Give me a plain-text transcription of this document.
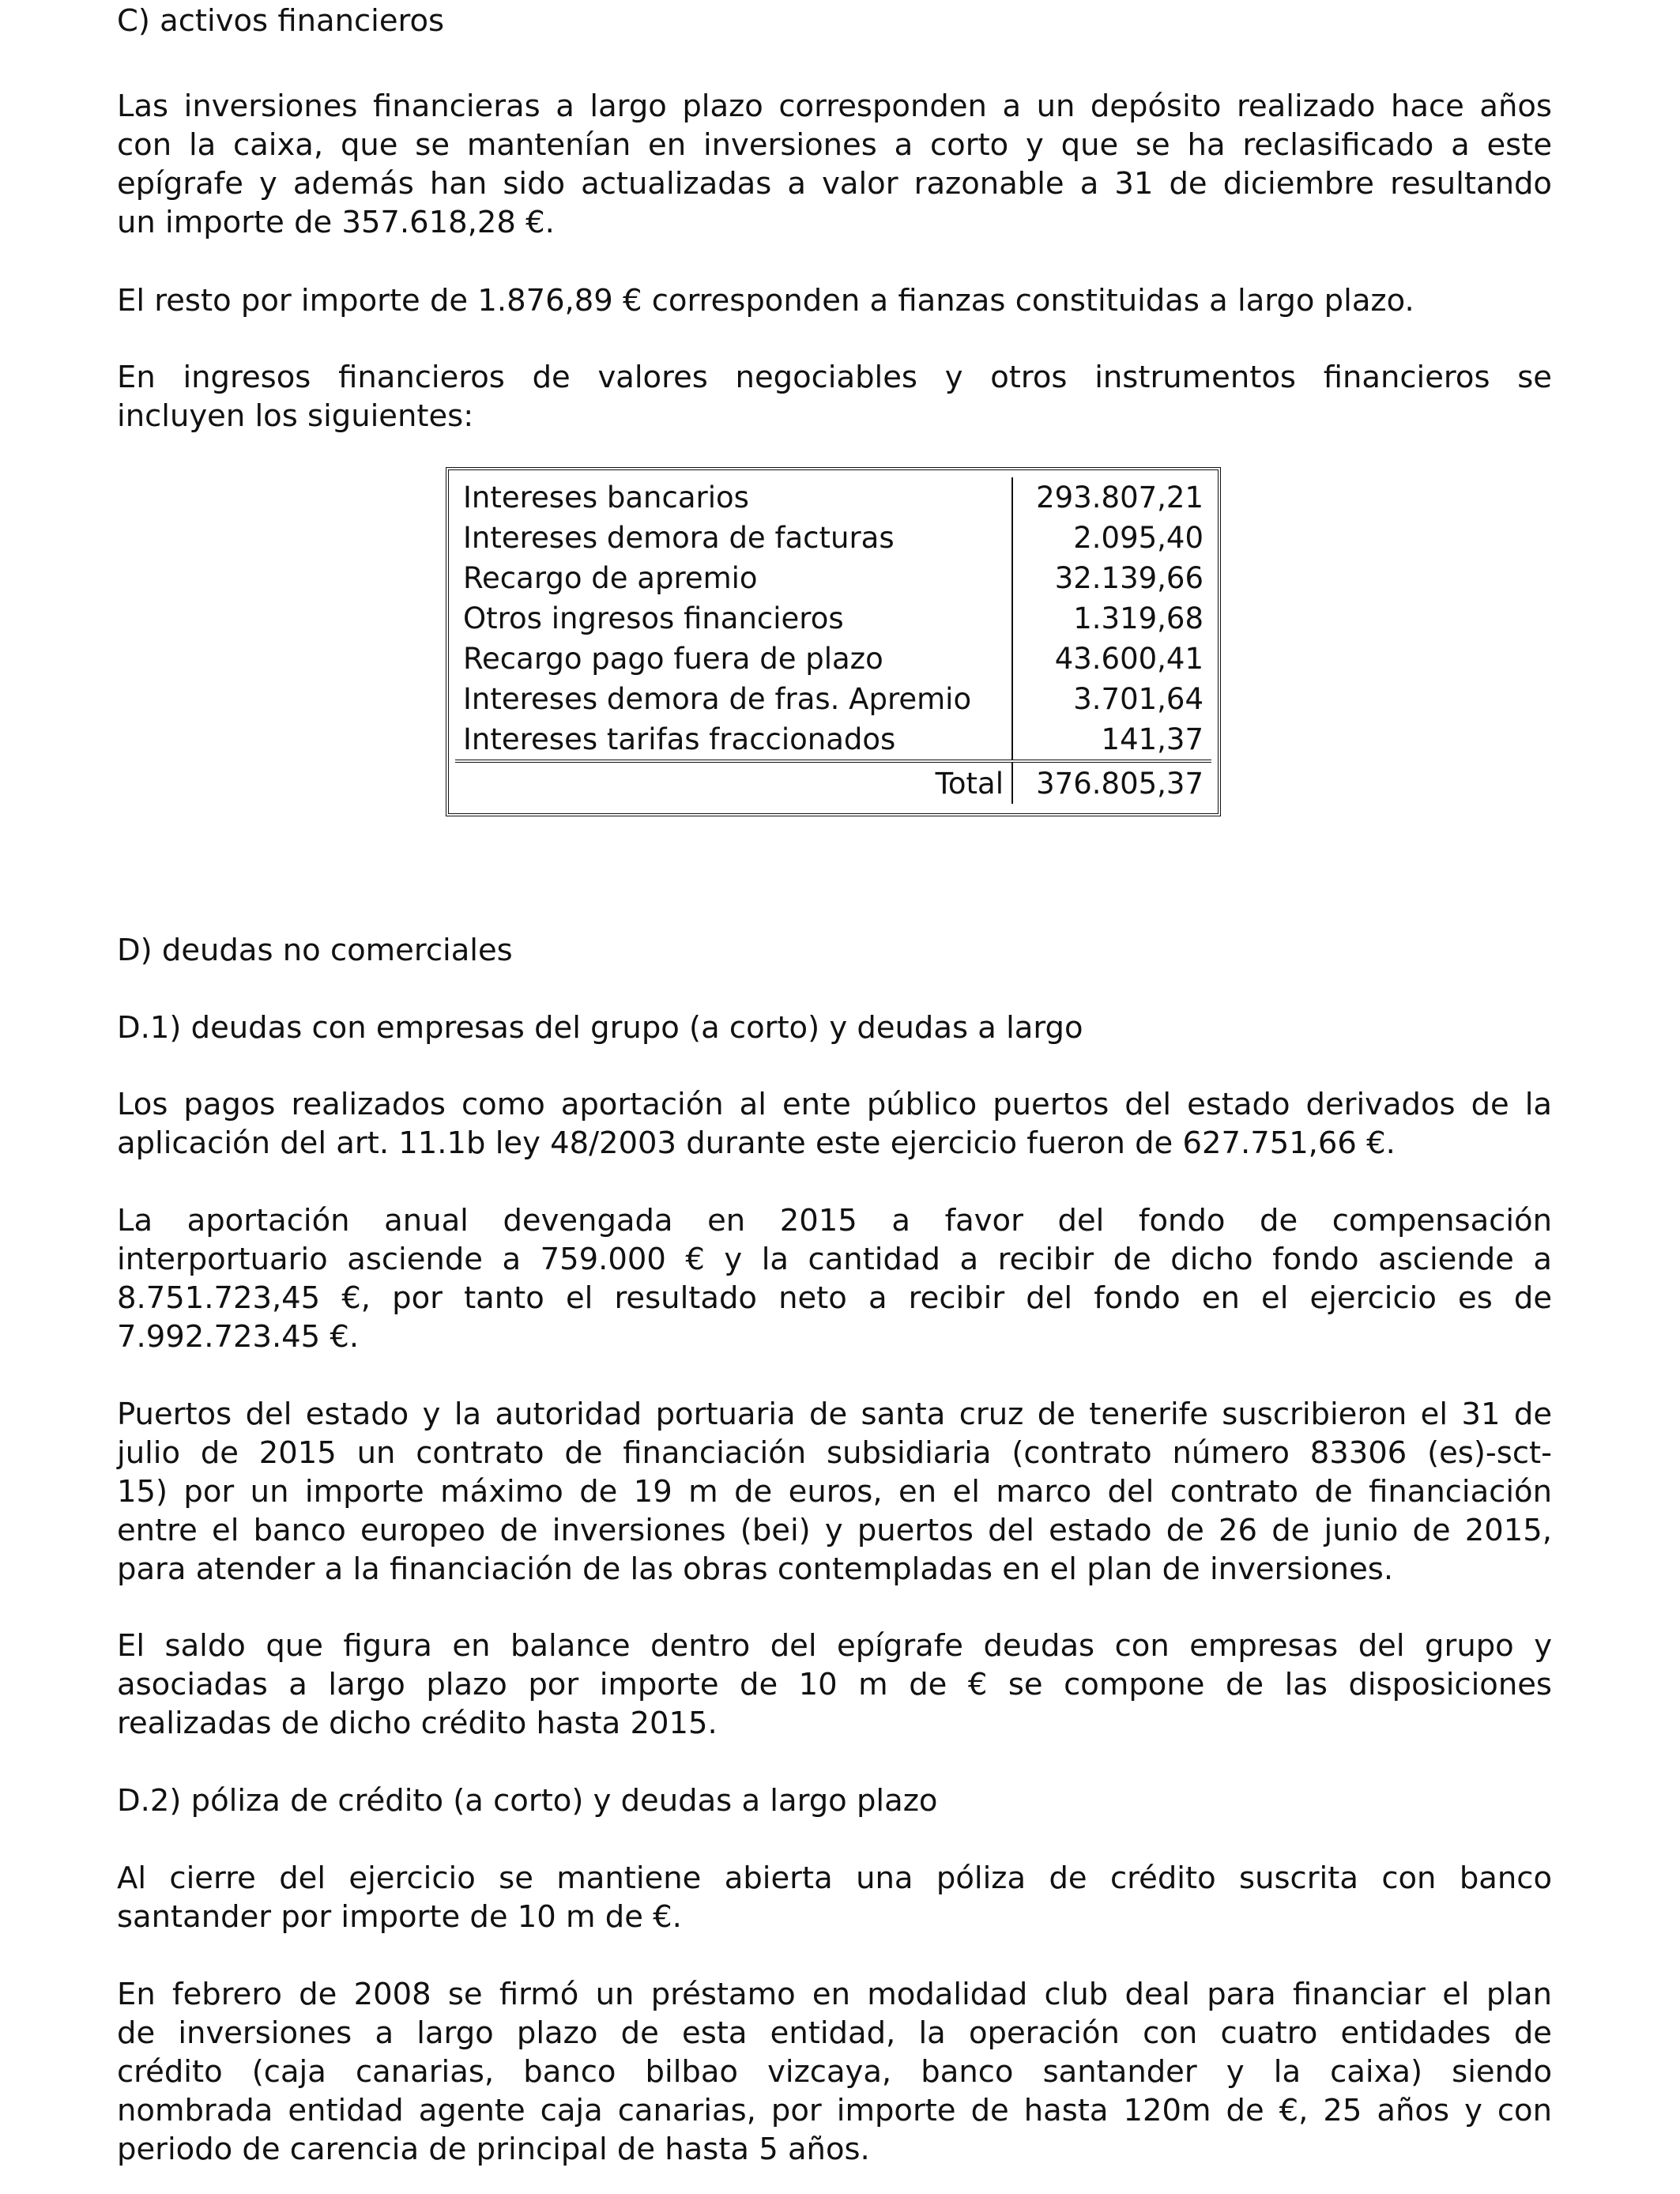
C) activos financieros

Las inversiones financieras a largo plazo corresponden a un depósito realizado hace años

con la caixa, que se mantenían en inversiones a corto y que se ha reclasificado a este

epígrafe y además han sido actualizadas a valor razonable a 31 de diciembre resultando

un importe de 357.618,28 €.

El resto por importe de 1.876,89 € corresponden a fianzas constituidas a largo plazo.

En ingresos financieros de valores negociables y otros instrumentos financieros se

incluyen los siguientes:

Intereses bancarios	293.807,21
Intereses demora de facturas	2.095,40
Recargo de apremio	32.139,66
Otros ingresos financieros	1.319,68
Recargo pago fuera de plazo	43.600,41
Intereses demora de fras. Apremio	3.701,64
Intereses tarifas fraccionados	141,37
Total	376.805,37

D) deudas no comerciales

D.1) deudas con empresas del grupo (a corto) y deudas a largo

Los pagos realizados como aportación al ente público puertos del estado derivados de la

aplicación del art. 11.1b ley 48/2003 durante este ejercicio fueron de 627.751,66 €.

La aportación anual devengada en 2015 a favor del fondo de compensación

interportuario asciende a 759.000 € y la cantidad a recibir de dicho fondo asciende a

8.751.723,45 €, por tanto el resultado neto a recibir del fondo en el ejercicio es de

7.992.723.45 €.

Puertos del estado y la autoridad portuaria de santa cruz de tenerife suscribieron el 31 de

julio de 2015 un contrato de financiación subsidiaria (contrato número 83306 (es)-sct-

15) por un importe máximo de 19 m de euros, en el marco del contrato de financiación

entre el banco europeo de inversiones (bei) y puertos del estado de 26 de junio de 2015,

para atender a la financiación de las obras contempladas en el plan de inversiones.

El saldo que figura en balance dentro del epígrafe deudas con empresas del grupo y

asociadas a largo plazo por importe de 10 m de € se compone de las disposiciones

realizadas de dicho crédito hasta 2015.

D.2) póliza de crédito (a corto) y deudas a largo plazo

Al cierre del ejercicio se mantiene abierta una póliza de crédito suscrita con banco

santander por importe de 10 m de €.

En febrero de 2008 se firmó un préstamo en modalidad club deal para financiar el plan

de inversiones a largo plazo de esta entidad, la operación con cuatro entidades de

crédito (caja canarias, banco bilbao vizcaya, banco santander y la caixa) siendo

nombrada entidad agente caja canarias, por importe de hasta 120m de €, 25 años y con

periodo de carencia de principal de hasta 5 años.
